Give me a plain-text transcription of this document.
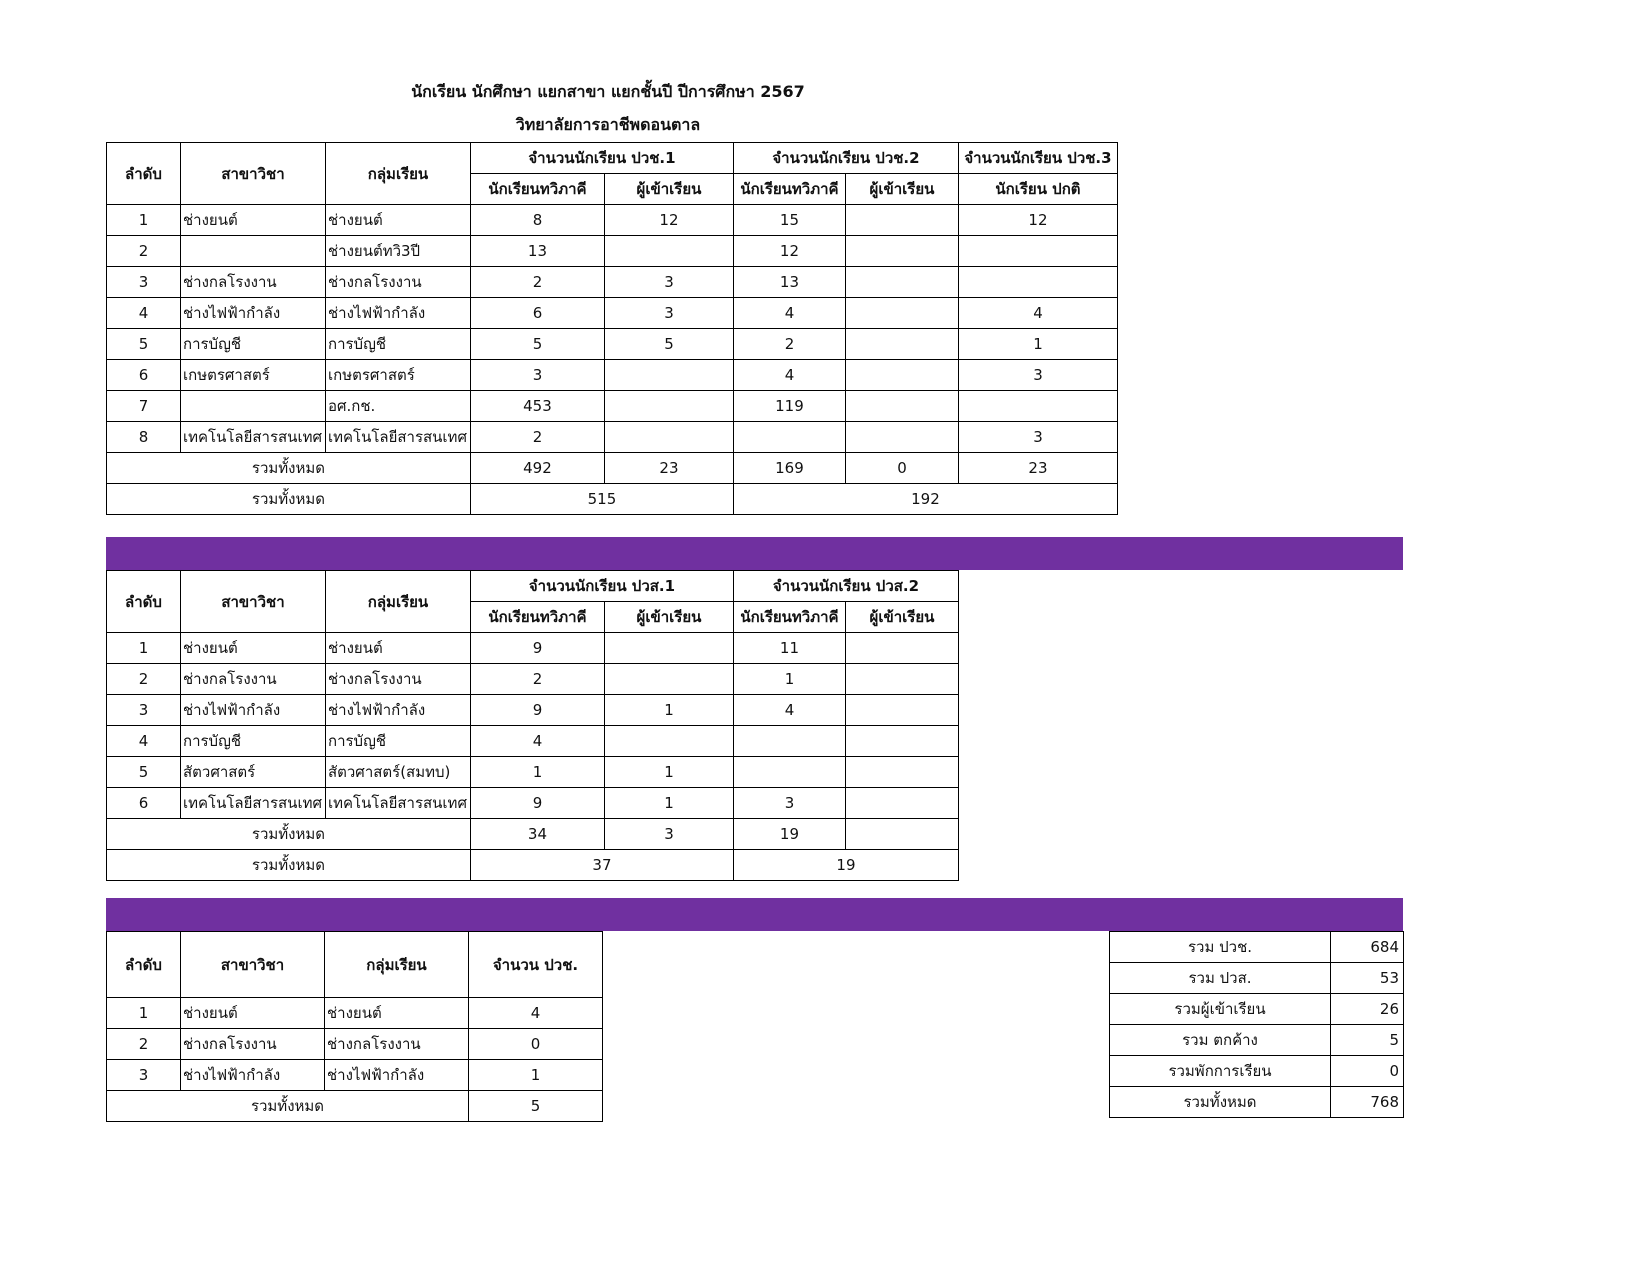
นักเรียน นักศึกษา แยกสาขา แยกชั้นปี ปีการศึกษา 2567
วิทยาลัยการอาชีพดอนตาล
ลำดับ	สาขาวิชา	กลุ่มเรียน	จำนวนนักเรียน ปวช.1		จำนวนนักเรียน ปวช.2		จำนวนนักเรียน ปวช.3
			นักเรียนทวิภาคี	ผู้เข้าเรียน	นักเรียนทวิภาคี	ผู้เข้าเรียน	นักเรียน ปกติ
1	ช่างยนต์	ช่างยนต์	8	12	15		12
2		ช่างยนต์ทวิ3ปี	13		12		
3	ช่างกลโรงงาน	ช่างกลโรงงาน	2	3	13		
4	ช่างไฟฟ้ากำลัง	ช่างไฟฟ้ากำลัง	6	3	4		4
5	การบัญชี	การบัญชี	5	5	2		1
6	เกษตรศาสตร์	เกษตรศาสตร์	3		4		3
7		อศ.กช.	453		119		
8	เทคโนโลยีสารสนเทศ	เทคโนโลยีสารสนเทศ	2				3
รวมทั้งหมด			492	23	169	0	23
รวมทั้งหมด			515		192		
ลำดับ	สาขาวิชา	กลุ่มเรียน	จำนวนนักเรียน ปวส.1		จำนวนนักเรียน ปวส.2	
			นักเรียนทวิภาคี	ผู้เข้าเรียน	นักเรียนทวิภาคี	ผู้เข้าเรียน
1	ช่างยนต์	ช่างยนต์	9		11	
2	ช่างกลโรงงาน	ช่างกลโรงงาน	2		1	
3	ช่างไฟฟ้ากำลัง	ช่างไฟฟ้ากำลัง	9	1	4	
4	การบัญชี	การบัญชี	4			
5	สัตวศาสตร์	สัตวศาสตร์(สมทบ)	1	1		
6	เทคโนโลยีสารสนเทศ	เทคโนโลยีสารสนเทศ	9	1	3	
รวมทั้งหมด			34	3	19	
รวมทั้งหมด			37		19	
ลำดับ	สาขาวิชา	กลุ่มเรียน	จำนวน ปวช.
1	ช่างยนต์	ช่างยนต์	4
2	ช่างกลโรงงาน	ช่างกลโรงงาน	0
3	ช่างไฟฟ้ากำลัง	ช่างไฟฟ้ากำลัง	1
รวมทั้งหมด			5
รวม ปวช.	684
รวม ปวส.	53
รวมผู้เข้าเรียน	26
รวม ตกค้าง	5
รวมพักการเรียน	0
รวมทั้งหมด	768
